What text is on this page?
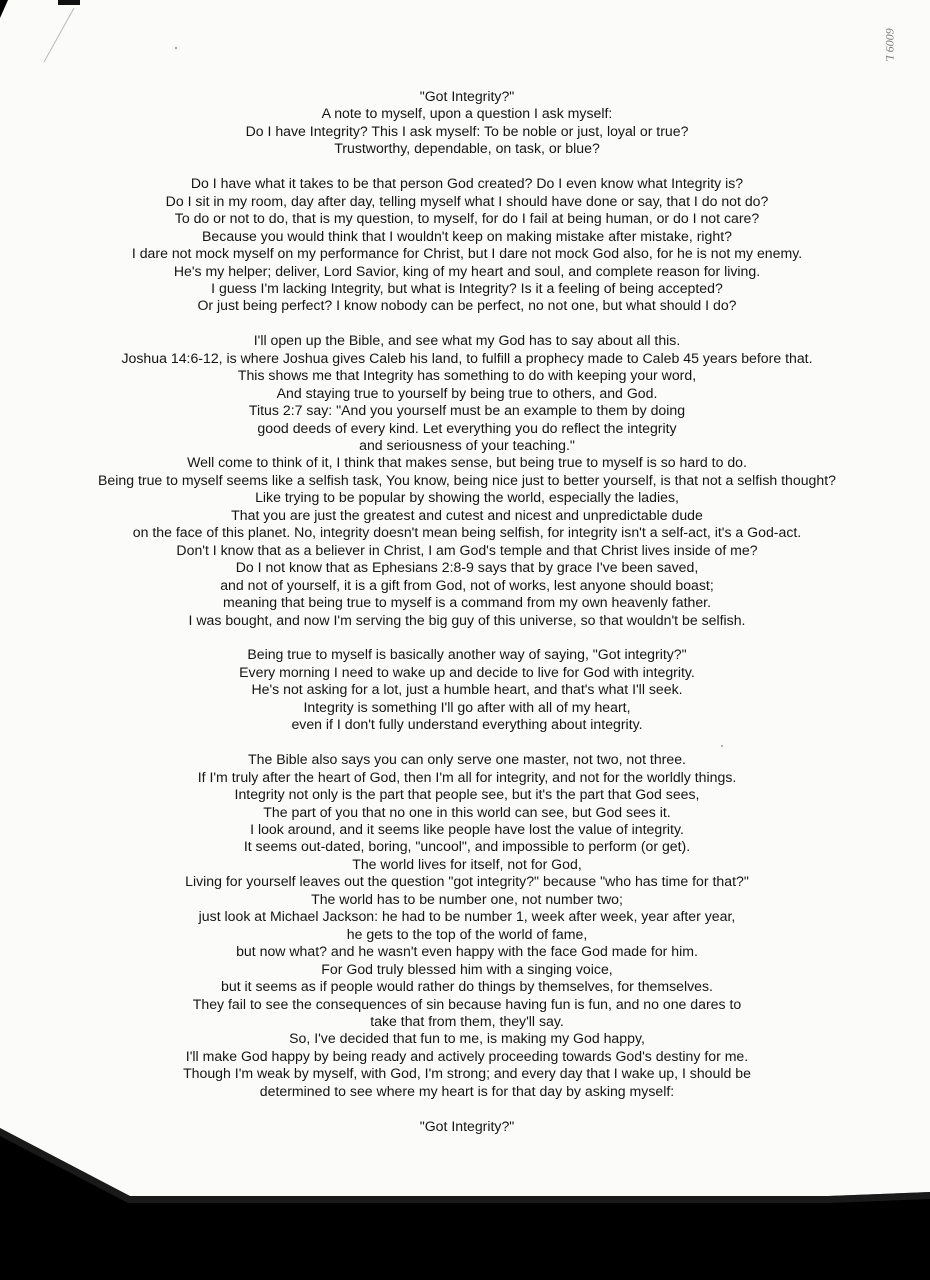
6009 L
"Got Integrity?"
A note to myself, upon a question I ask myself:
Do I have Integrity? This I ask myself: To be noble or just, loyal or true?
Trustworthy, dependable, on task, or blue?
Do I have what it takes to be that person God created? Do I even know what Integrity is?
Do I sit in my room, day after day, telling myself what I should have done or say, that I do not do?
To do or not to do, that is my question, to myself, for do I fail at being human, or do I not care?
Because you would think that I wouldn't keep on making mistake after mistake, right?
I dare not mock myself on my performance for Christ, but I dare not mock God also, for he is not my enemy.
He's my helper; deliver, Lord Savior, king of my heart and soul, and complete reason for living.
I guess I'm lacking Integrity, but what is Integrity? Is it a feeling of being accepted?
Or just being perfect? I know nobody can be perfect, no not one, but what should I do?
I'll open up the Bible, and see what my God has to say about all this.
Joshua 14:6-12, is where Joshua gives Caleb his land, to fulfill a prophecy made to Caleb 45 years before that.
This shows me that Integrity has something to do with keeping your word,
And staying true to yourself by being true to others, and God.
Titus 2:7 say: "And you yourself must be an example to them by doing
good deeds of every kind. Let everything you do reflect the integrity
and seriousness of your teaching."
Well come to think of it, I think that makes sense, but being true to myself is so hard to do.
Being true to myself seems like a selfish task, You know, being nice just to better yourself, is that not a selfish thought?
Like trying to be popular by showing the world, especially the ladies,
That you are just the greatest and cutest and nicest and unpredictable dude
on the face of this planet. No, integrity doesn't mean being selfish, for integrity isn't a self-act, it's a God-act.
Don't I know that as a believer in Christ, I am God's temple and that Christ lives inside of me?
Do I not know that as Ephesians 2:8-9 says that by grace I've been saved,
and not of yourself, it is a gift from God, not of works, lest anyone should boast;
meaning that being true to myself is a command from my own heavenly father.
I was bought, and now I'm serving the big guy of this universe, so that wouldn't be selfish.
Being true to myself is basically another way of saying, "Got integrity?"
Every morning I need to wake up and decide to live for God with integrity.
He's not asking for a lot, just a humble heart, and that's what I'll seek.
Integrity is something I'll go after with all of my heart,
even if I don't fully understand everything about integrity.
The Bible also says you can only serve one master, not two, not three.
If I'm truly after the heart of God, then I'm all for integrity, and not for the worldly things.
Integrity not only is the part that people see, but it's the part that God sees,
The part of you that no one in this world can see, but God sees it.
I look around, and it seems like people have lost the value of integrity.
It seems out-dated, boring, "uncool", and impossible to perform (or get).
The world lives for itself, not for God,
Living for yourself leaves out the question "got integrity?" because "who has time for that?"
The world has to be number one, not number two;
just look at Michael Jackson: he had to be number 1, week after week, year after year,
he gets to the top of the world of fame,
but now what? and he wasn't even happy with the face God made for him.
For God truly blessed him with a singing voice,
but it seems as if people would rather do things by themselves, for themselves.
They fail to see the consequences of sin because having fun is fun, and no one dares to
take that from them, they'll say.
So, I've decided that fun to me, is making my God happy,
I'll make God happy by being ready and actively proceeding towards God's destiny for me.
Though I'm weak by myself, with God, I'm strong; and every day that I wake up, I should be
determined to see where my heart is for that day by asking myself:
"Got Integrity?"
